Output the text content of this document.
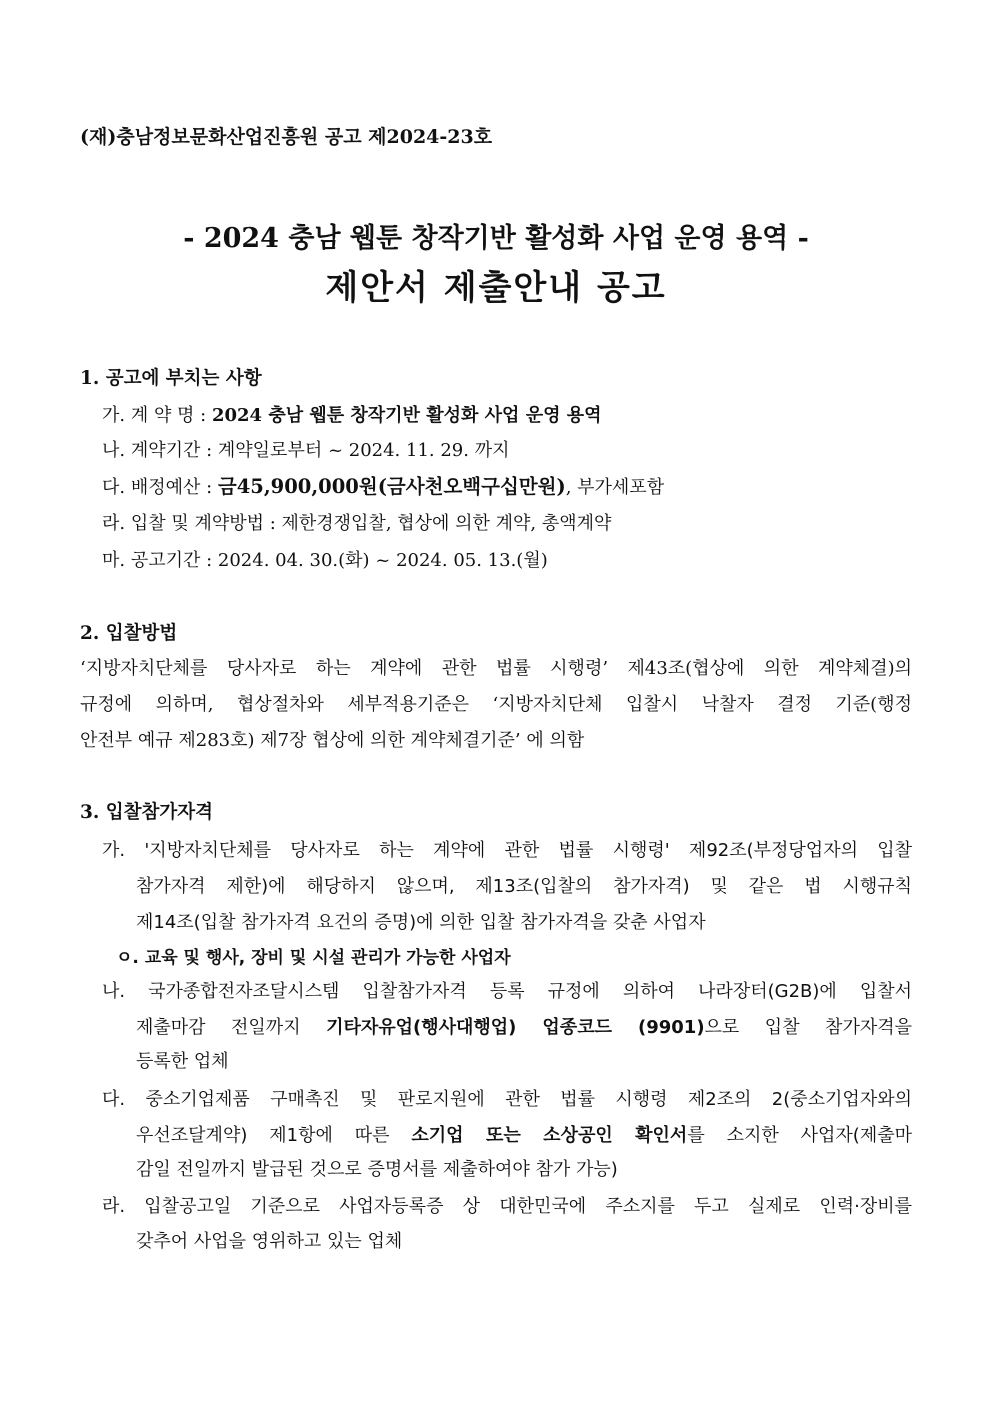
(재)충남정보문화산업진흥원 공고 제2024-23호
- 2024 충남 웹툰 창작기반 활성화 사업 운영 용역 -
제안서 제출안내 공고
1. 공고에 부치는 사항
가. 계 약 명 : 2024 충남 웹툰 창작기반 활성화 사업 운영 용역
나. 계약기간 : 계약일로부터 ~ 2024. 11. 29. 까지
다. 배정예산 : 금45,900,000원(금사천오백구십만원), 부가세포함
라. 입찰 및 계약방법 : 제한경쟁입찰, 협상에 의한 계약, 총액계약
마. 공고기간 : 2024. 04. 30.(화) ~ 2024. 05. 13.(월)
2. 입찰방법
‘지방자치단체를 당사자로 하는 계약에 관한 법률 시행령’ 제43조(협상에 의한 계약체결)의
규정에 의하며, 협상절차와 세부적용기준은 ‘지방자치단체 입찰시 낙찰자 결정 기준(행정
안전부 예규 제283호) 제7장 협상에 의한 계약체결기준’ 에 의함
3. 입찰참가자격
가. '지방자치단체를 당사자로 하는 계약에 관한 법률 시행령' 제92조(부정당업자의 입찰
참가자격 제한)에 해당하지 않으며, 제13조(입찰의 참가자격) 및 같은 법 시행규칙
제14조(입찰 참가자격 요건의 증명)에 의한 입찰 참가자격을 갖춘 사업자
ㅇ. 교육 및 행사, 장비 및 시설 관리가 가능한 사업자
나. 국가종합전자조달시스템 입찰참가자격 등록 규정에 의하여 나라장터(G2B)에 입찰서
제출마감 전일까지 기타자유업(행사대행업) 업종코드 (9901)으로 입찰 참가자격을
등록한 업체
다. 중소기업제품 구매촉진 및 판로지원에 관한 법률 시행령 제2조의 2(중소기업자와의
우선조달계약) 제1항에 따른 소기업 또는 소상공인 확인서를 소지한 사업자(제출마
감일 전일까지 발급된 것으로 증명서를 제출하여야 참가 가능)
라. 입찰공고일 기준으로 사업자등록증 상 대한민국에 주소지를 두고 실제로 인력·장비를
갖추어 사업을 영위하고 있는 업체
